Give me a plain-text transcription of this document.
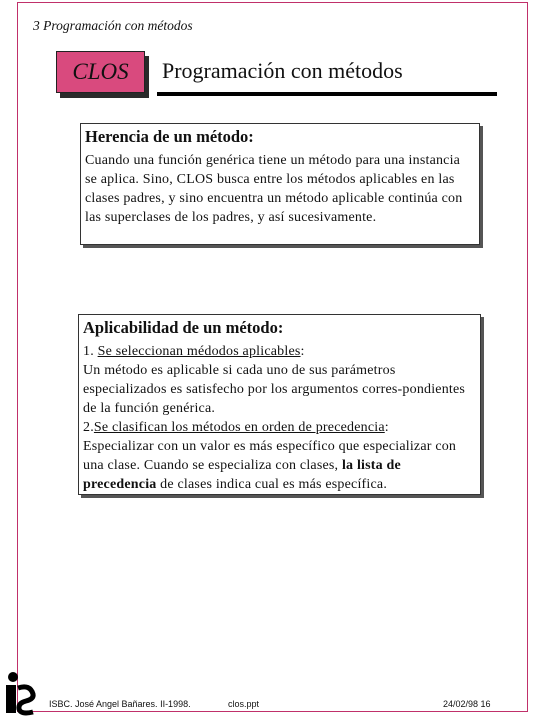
3 Programación con métodos
CLOS Programación con métodos
Herencia de un método:
Cuando una función genérica tiene un método para una instancia se aplica. Sino, CLOS busca entre los métodos aplicables en las clases padres, y sino encuentra un método aplicable continúa con las superclases de los padres, y así sucesivamente.
Aplicabilidad de un método:
1. Se seleccionan médodos aplicables:
Un método es aplicable si cada uno de sus parámetros especializados es satisfecho por los argumentos corres-pondientes de la función genérica.
2.Se clasifican los métodos en orden de precedencia:
Especializar con un valor es más específico que especializar con una clase. Cuando se especializa con clases, la lista de precedencia de clases indica cual es más específica.
ISBC. José Angel Bañares. II-1998.	clos.ppt	24/02/98 16
